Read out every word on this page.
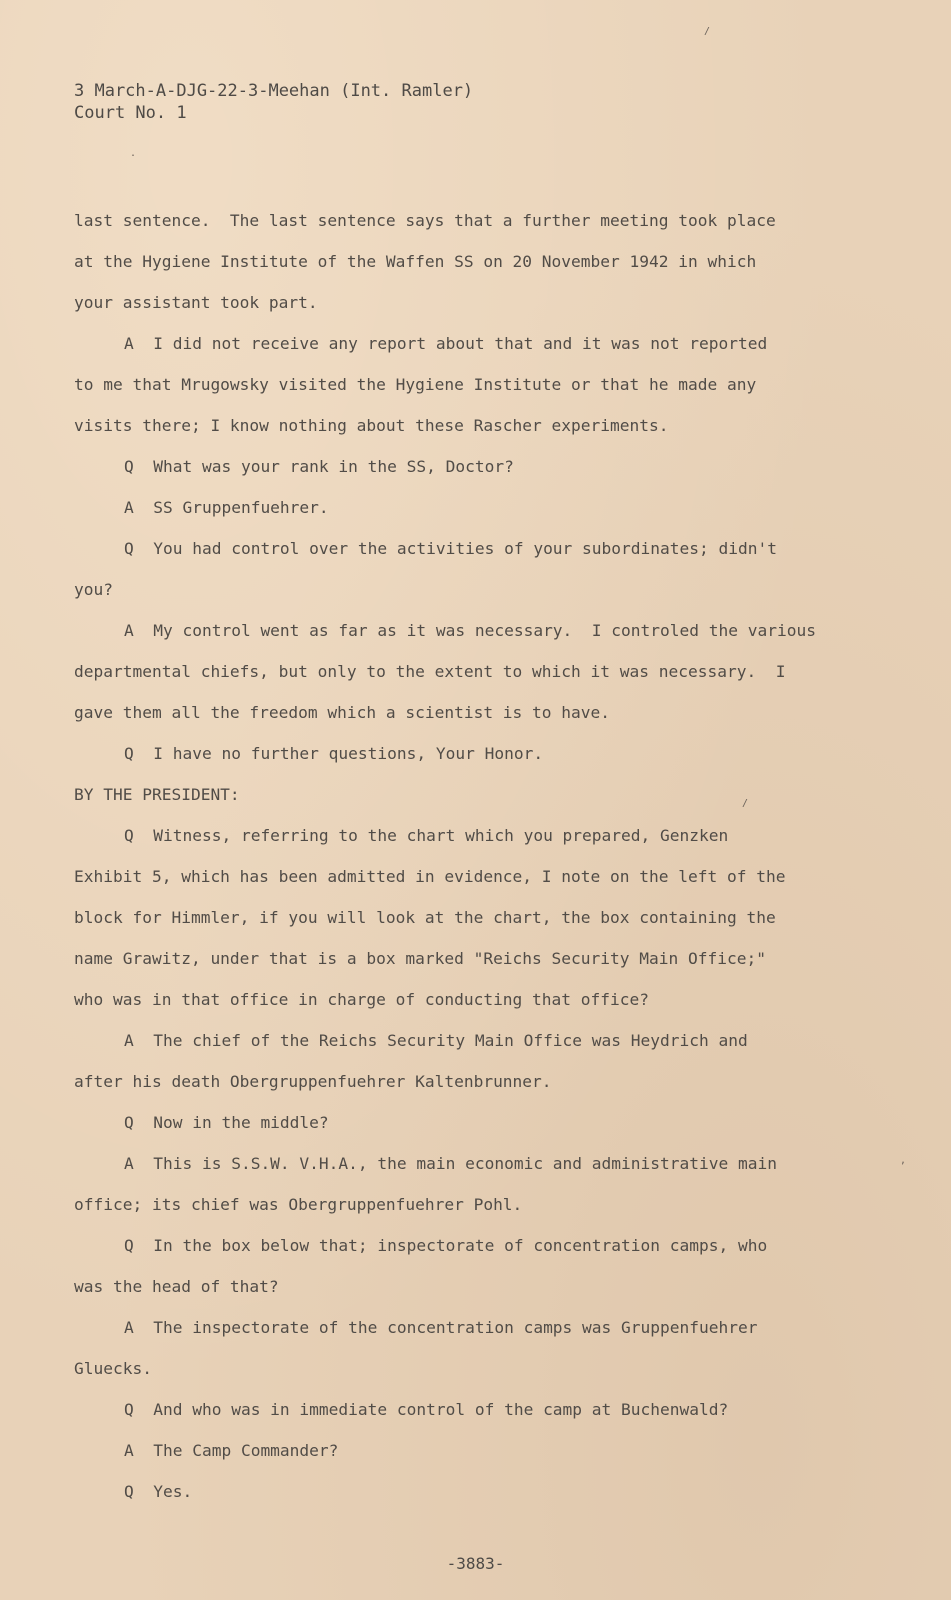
3 March-A-DJG-22-3-Meehan (Int. Ramler)
Court No. 1
last sentence.  The last sentence says that a further meeting took place
at the Hygiene Institute of the Waffen SS on 20 November 1942 in which
your assistant took part.
A  I did not receive any report about that and it was not reported
to me that Mrugowsky visited the Hygiene Institute or that he made any
visits there; I know nothing about these Rascher experiments.
Q  What was your rank in the SS, Doctor?
A  SS Gruppenfuehrer.
Q  You had control over the activities of your subordinates; didn't
you?
A  My control went as far as it was necessary.  I controled the various
departmental chiefs, but only to the extent to which it was necessary.  I
gave them all the freedom which a scientist is to have.
Q  I have no further questions, Your Honor.
BY THE PRESIDENT:
Q  Witness, referring to the chart which you prepared, Genzken
Exhibit 5, which has been admitted in evidence, I note on the left of the
block for Himmler, if you will look at the chart, the box containing the
name Grawitz, under that is a box marked "Reichs Security Main Office;"
who was in that office in charge of conducting that office?
A  The chief of the Reichs Security Main Office was Heydrich and
after his death Obergruppenfuehrer Kaltenbrunner.
Q  Now in the middle?
A  This is S.S.W. V.H.A., the main economic and administrative main
office; its chief was Obergruppenfuehrer Pohl.
Q  In the box below that; inspectorate of concentration camps, who
was the head of that?
A  The inspectorate of the concentration camps was Gruppenfuehrer
Gluecks.
Q  And who was in immediate control of the camp at Buchenwald?
A  The Camp Commander?
Q  Yes.
-3883-
/
.
/
,
